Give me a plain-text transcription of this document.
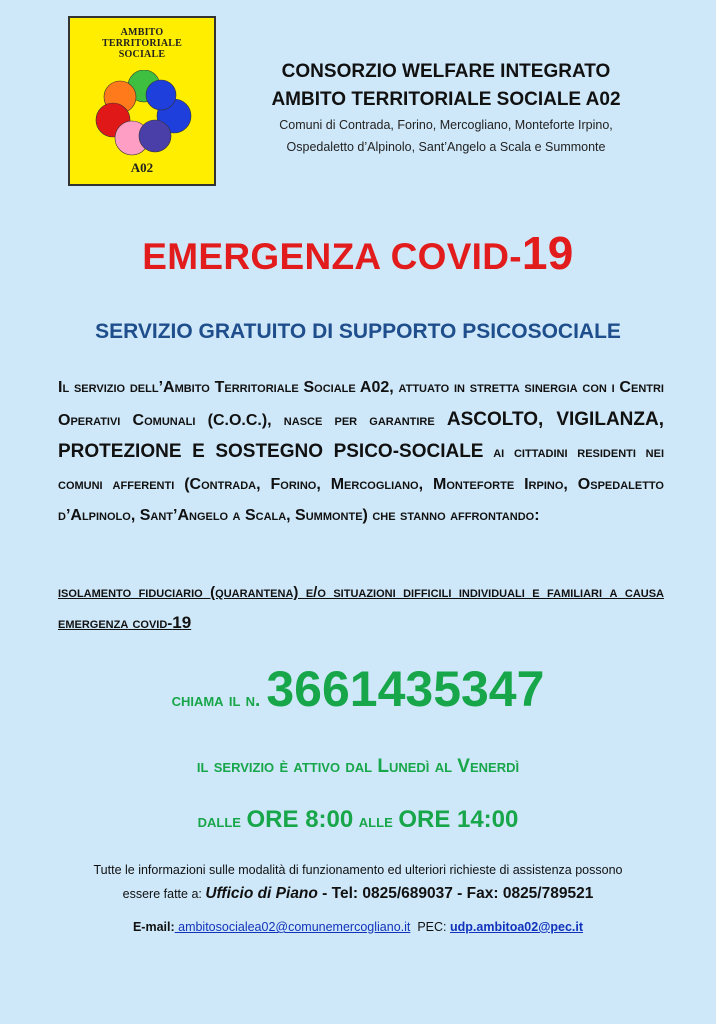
AMBITO
TERRITORIALE
SOCIALE
A02
CONSORZIO WELFARE INTEGRATO
AMBITO TERRITORIALE SOCIALE A02
Comuni di Contrada, Forino, Mercogliano, Monteforte Irpino,
Ospedaletto d’Alpinolo, Sant’Angelo a Scala e Summonte
EMERGENZA COVID-19
SERVIZIO GRATUITO DI SUPPORTO PSICOSOCIALE
Il servizio dell’Ambito Territoriale Sociale A02, attuato in stretta sinergia con i Centri Operativi Comunali (C.O.C.), nasce per garantire ASCOLTO, VIGILANZA, PROTEZIONE E SOSTEGNO PSICO-SOCIALE ai cittadini residenti nei comuni afferenti (Contrada, Forino, Mercogliano, Monteforte Irpino, Ospedaletto d’Alpinolo, Sant’Angelo a Scala, Summonte) che stanno affrontando:
isolamento fiduciario (quarantena) e/o situazioni difficili individuali e familiari a causa emergenza covid-19
chiama il n. 3661435347
il servizio è attivo dal Lunedì al Venerdì
dalle ORE 8:00 alle ORE 14:00
Tutte le informazioni sulle modalità di funzionamento ed ulteriori richieste di assistenza possono
essere fatte a: Ufficio di Piano - Tel: 0825/689037 - Fax: 0825/789521
E-mail: ambitosocialea02@comunemercogliano.it PEC: udp.ambitoa02@pec.it
